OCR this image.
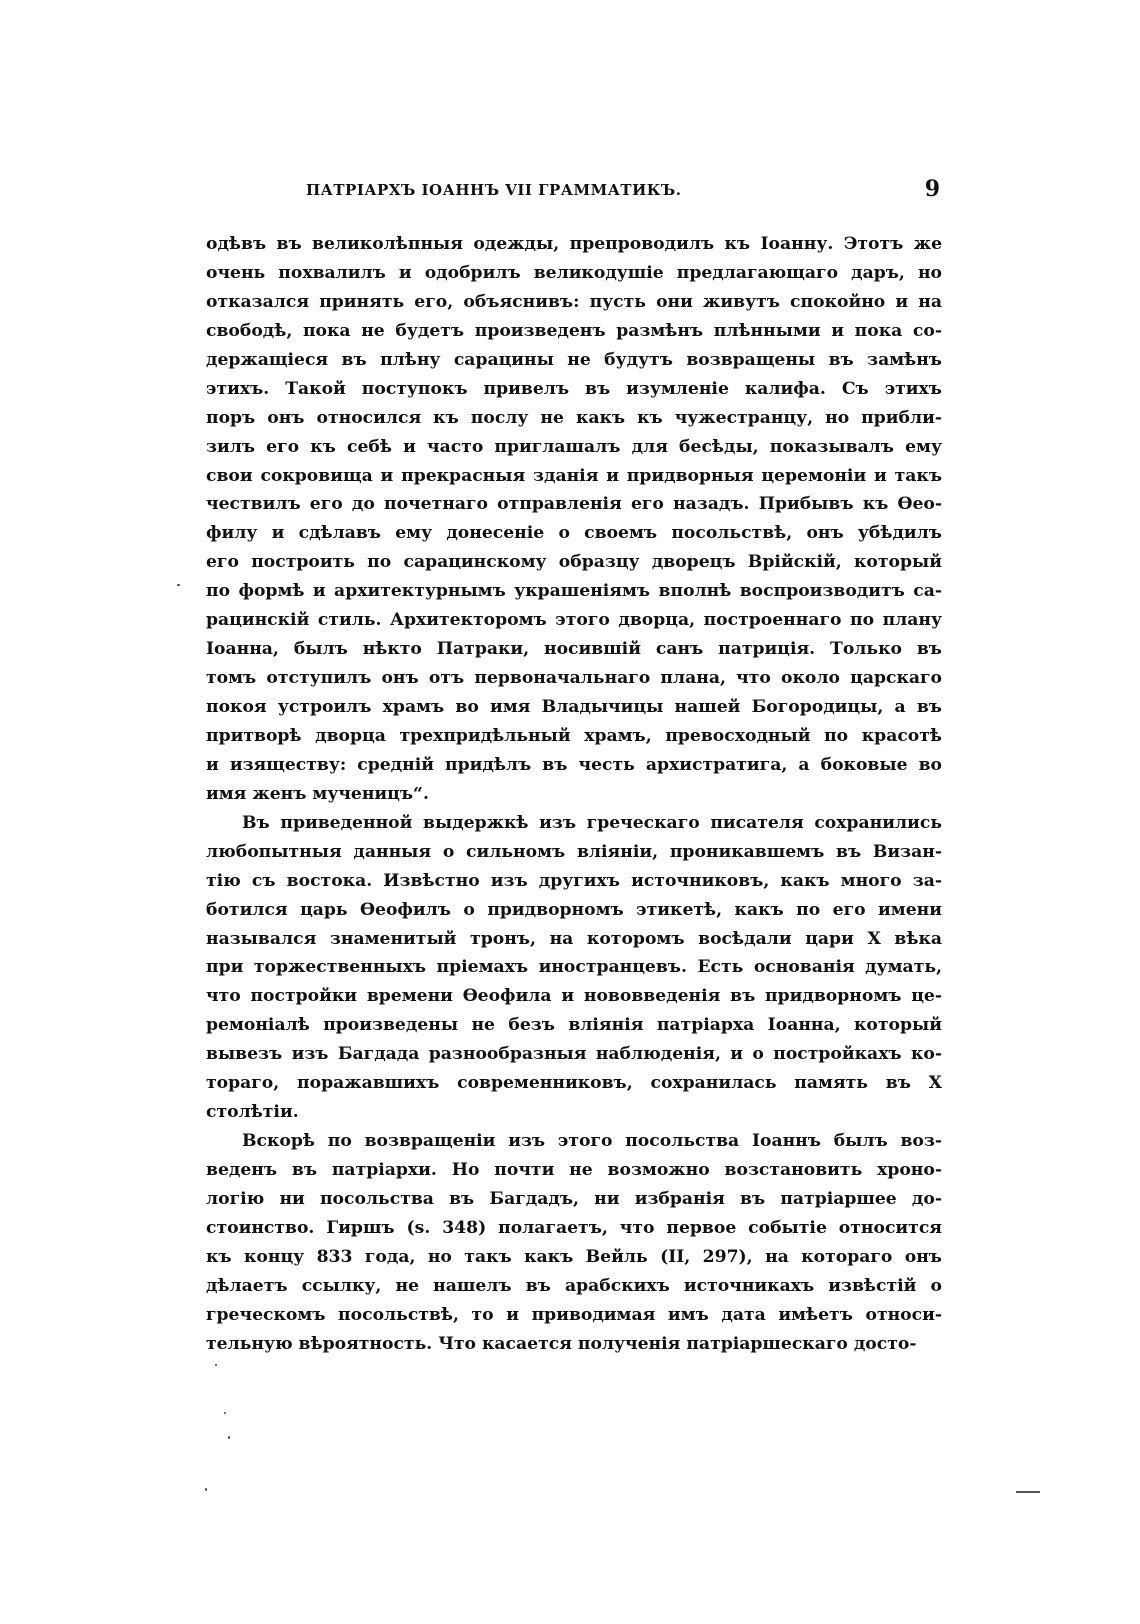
ПАТРІАРХЪ ІОАННЪ VII ГРАММАТИКЪ.	9
одѣвъ въ великолѣпныя одежды, препроводилъ къ Іоанну. Этотъ же
очень похвалилъ и одобрилъ великодушіе предлагающаго даръ, но
отказался принять его, объяснивъ: пусть они живутъ спокойно и на
свободѣ, пока не будетъ произведенъ размѣнъ плѣнными и пока со-
держащіеся въ плѣну сарацины не будутъ возвращены въ замѣнъ
этихъ. Такой поступокъ привелъ въ изумленіе калифа. Съ этихъ
поръ онъ относился къ послу не какъ къ чужестранцу, но прибли-
зилъ его къ себѣ и часто приглашалъ для бесѣды, показывалъ ему
свои сокровища и прекрасныя зданія и придворныя церемоніи и такъ
чествилъ его до почетнаго отправленія его назадъ. Прибывъ къ Ѳео-
филу и сдѣлавъ ему донесеніе о своемъ посольствѣ, онъ убѣдилъ
его построить по сарацинскому образцу дворецъ Врійскій, который
по формѣ и архитектурнымъ украшеніямъ вполнѣ воспроизводитъ са-
рацинскій стиль. Архитекторомъ этого дворца, построеннаго по плану
Іоанна, былъ нѣкто Патраки, носившій санъ патриція. Только въ
томъ отступилъ онъ отъ первоначальнаго плана, что около царскаго
покоя устроилъ храмъ во имя Владычицы нашей Богородицы, а въ
притворѣ дворца трехпридѣльный храмъ, превосходный по красотѣ
и изяществу: средній придѣлъ въ честь архистратига, а боковые во
имя женъ мученицъ“.
Въ приведенной выдержкѣ изъ греческаго писателя сохранились
любопытныя данныя о сильномъ вліяніи, проникавшемъ въ Визан-
тію съ востока. Извѣстно изъ другихъ источниковъ, какъ много за-
ботился царь Ѳеофилъ о придворномъ этикетѣ, какъ по его имени
назывался знаменитый тронъ, на которомъ восѣдали цари X вѣка
при торжественныхъ пріемахъ иностранцевъ. Есть основанія думать,
что постройки времени Ѳеофила и нововведенія въ придворномъ це-
ремоніалѣ произведены не безъ вліянія патріарха Іоанна, который
вывезъ изъ Багдада разнообразныя наблюденія, и о постройкахъ ко-
тораго, поражавшихъ современниковъ, сохранилась память въ X
столѣтіи.
Вскорѣ по возвращеніи изъ этого посольства Іоаннъ былъ воз-
веденъ въ патріархи. Но почти не возможно возстановить хроно-
логію ни посольства въ Багдадъ, ни избранія въ патріаршее до-
стоинство. Гиршъ (s. 348) полагаетъ, что первое событіе относится
къ концу 833 года, но такъ какъ Вейль (II, 297), на котораго онъ
дѣлаетъ ссылку, не нашелъ въ арабскихъ источникахъ извѣстій о
греческомъ посольствѣ, то и приводимая имъ дата имѣетъ относи-
тельную вѣроятность. Что касается полученія патріаршескаго досто-
